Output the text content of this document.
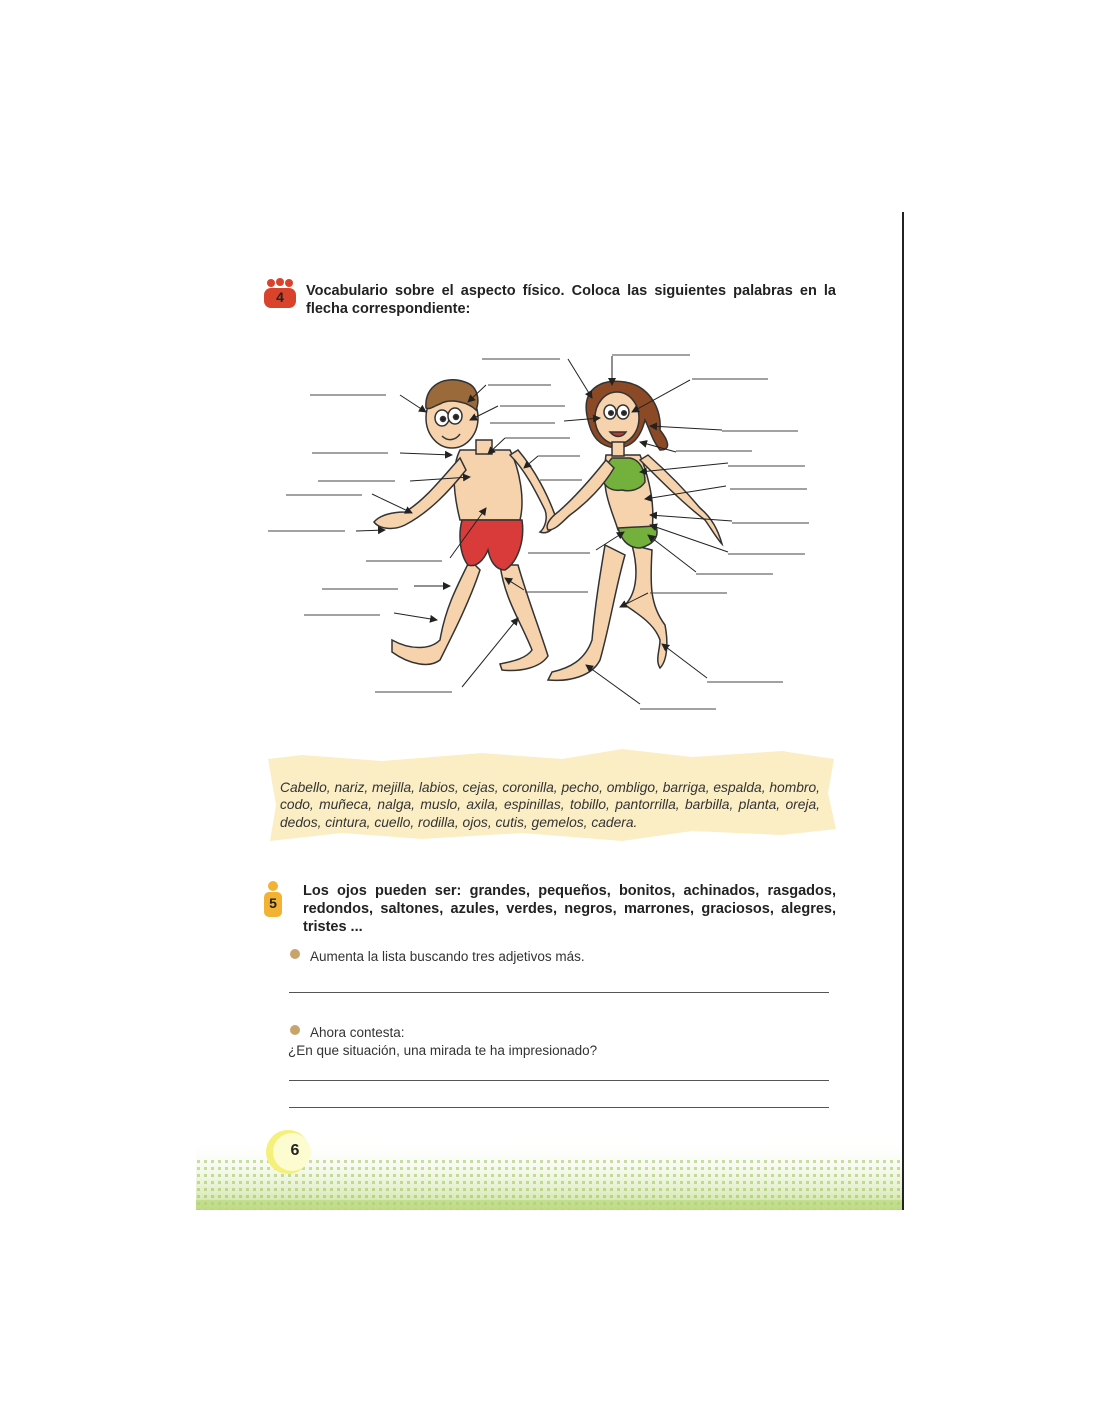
4	Vocabulario sobre el aspecto físico. Coloca las siguientes palabras en la flecha correspondiente:
Cabello, nariz, mejilla, labios, cejas, coronilla, pecho, ombligo, barriga, espalda, hombro, codo, muñeca, nalga, muslo, axila, espinillas, tobillo, pantorrilla, barbilla, planta, oreja, dedos, cintura, cuello, rodilla, ojos, cutis, gemelos, cadera.
5
Los ojos pueden ser: grandes, pequeños, bonitos, achinados, rasgados, redondos, saltones, azules, verdes, negros, marrones, graciosos, alegres, tristes ...
Aumenta la lista buscando tres adjetivos más.
Ahora contesta:
¿En que situación, una mirada te ha impresionado?
6
